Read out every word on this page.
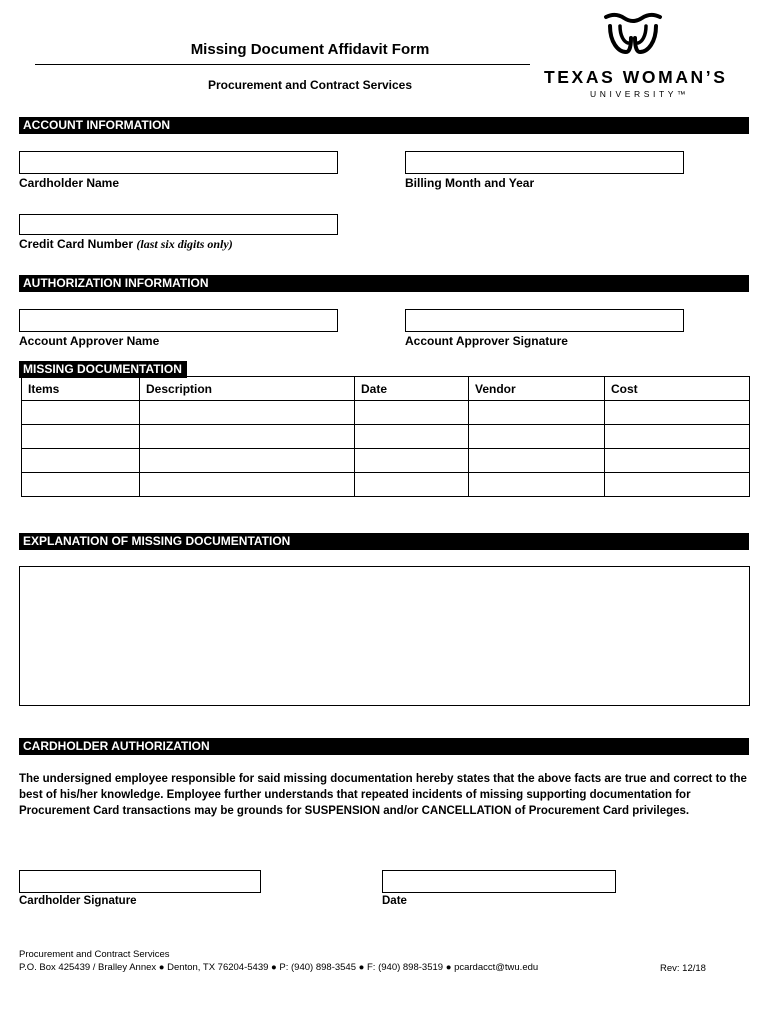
Missing Document Affidavit Form
Procurement and Contract Services	TEXAS WOMAN’S
UNIVERSITY™
ACCOUNT INFORMATION
Cardholder Name	Billing Month and Year
Credit Card Number (last six digits only)
AUTHORIZATION INFORMATION
Account Approver Name	Account Approver Signature
MISSING DOCUMENTATION
Items	Description	Date	Vendor	Cost

EXPLANATION OF MISSING DOCUMENTATION
CARDHOLDER AUTHORIZATION
The undersigned employee responsible for said missing documentation hereby states that the above facts are true and correct to the best of his/her knowledge. Employee further understands that repeated incidents of missing supporting documentation for Procurement Card transactions may be grounds for SUSPENSION and/or CANCELLATION of Procurement Card privileges.
Cardholder Signature	Date
Procurement and Contract Services
P.O. Box 425439 / Bralley Annex ● Denton, TX 76204-5439 ● P: (940) 898-3545 ● F: (940) 898-3519 ● pcardacct@twu.edu	Rev: 12/18
